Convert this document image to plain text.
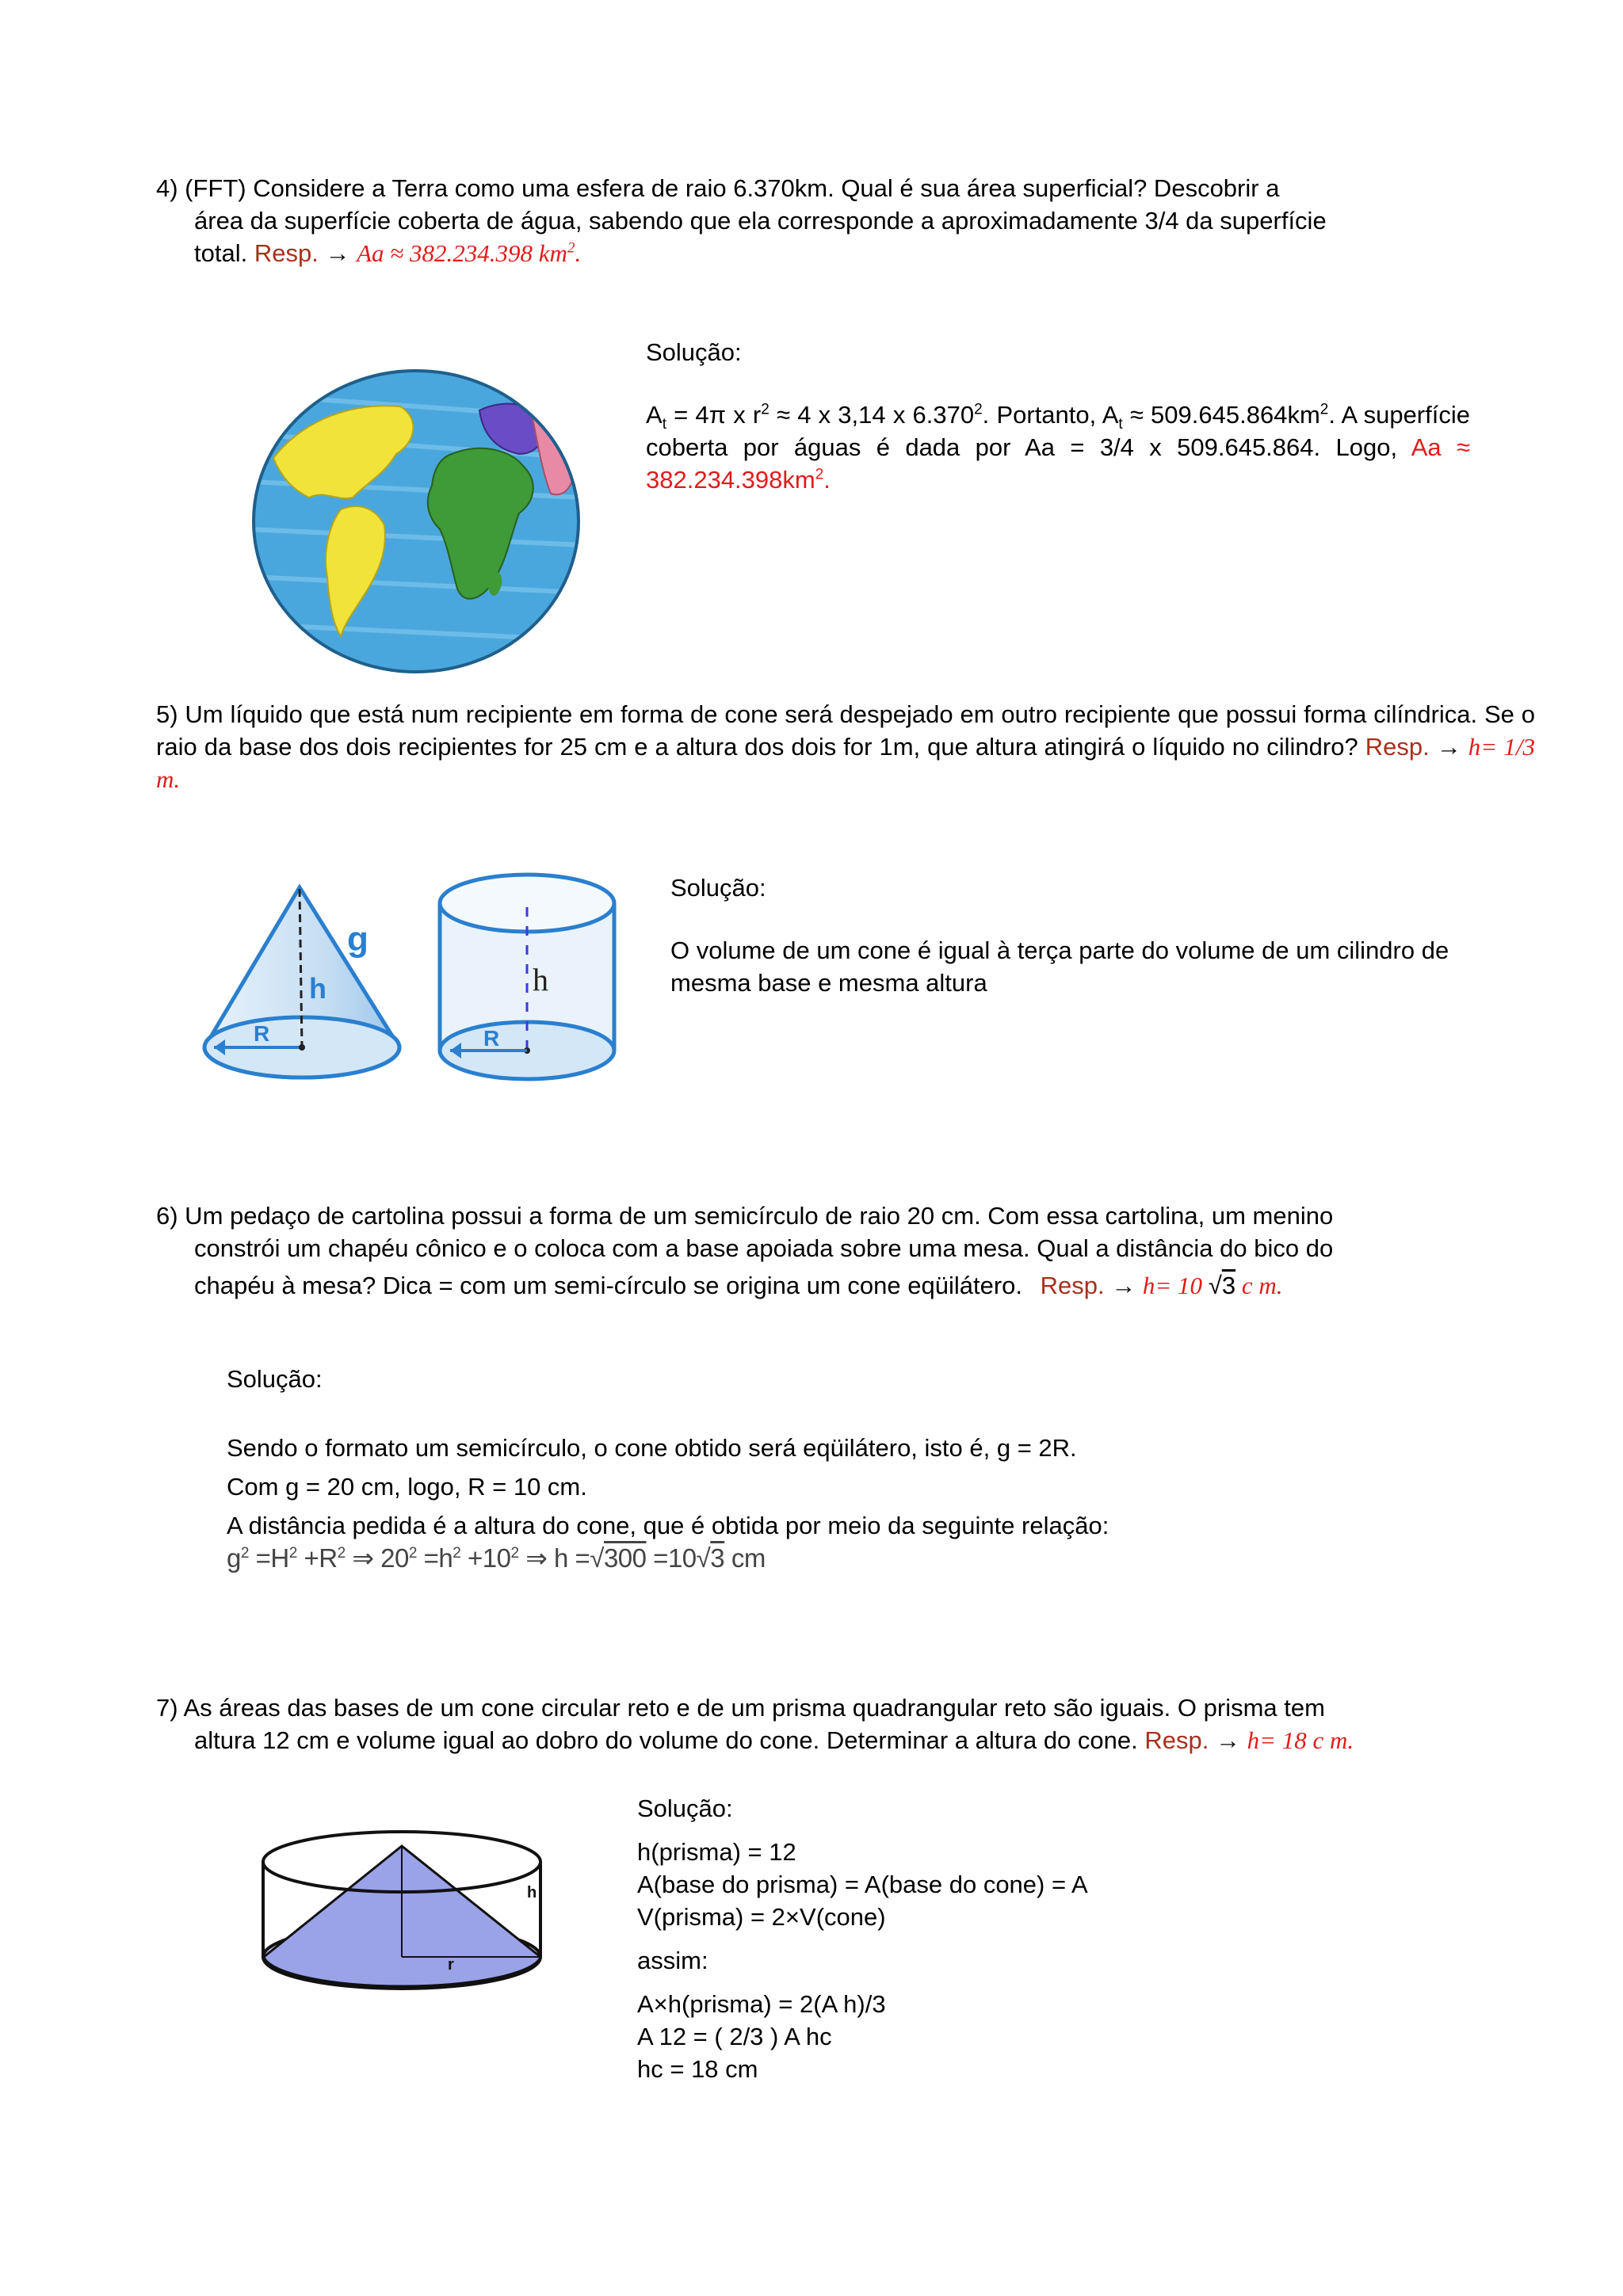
4) (FFT) Considere a Terra como uma esfera de raio 6.370km. Qual é sua área superficial? Descobrir a

área da superfície coberta de água, sabendo que ela corresponde a aproximadamente 3/4 da superfície

total. Resp. → Aa ≈ 382.234.398 $km^2$.

Solução:

$A_t = 4\pi$ x $r^2 \approx 4$ x 3,14 x 6.370$^2$. Portanto, $A_t \approx 509.645.864km^2$. A superfície coberta por águas é dada por Aa = 3/4 x 509.645.864. Logo, $Aa \approx 382.234.398km^2$.

5) Um líquido que está num recipiente em forma de cone será despejado em outro recipiente que possui forma cilíndrica. Se o raio da base dos dois recipientes for 25 cm e a altura dos dois for 1m, que altura atingirá o líquido no cilindro? Resp. → h= 1/3 m.
g
h
R
h
R

Solução:

O volume de um cone é igual à terça parte do volume de um cilindro de mesma base e mesma altura

6) Um pedaço de cartolina possui a forma de um semicírculo de raio 20 cm. Com essa cartolina, um menino

constrói um chapéu cônico e o coloca com a base apoiada sobre uma mesa. Qual a distância do bico do

chapéu à mesa? Dica = com um semi-círculo se origina um cone eqüilátero. Resp. → h= 10 √3 c m.

Solução:

Sendo o formato um semicírculo, o cone obtido será eqüilátero, isto é, g = 2R.

Com g = 20 cm, logo, R = 10 cm.

A distância pedida é a altura do cone, que é obtida por meio da seguinte relação:

$g^2 =H^2 +R^2$ ⇒ $20^2 =h^2 +10^2$ ⇒ h =√300 =10√3 cm

7) As áreas das bases de um cone circular reto e de um prisma quadrangular reto são iguais. O prisma tem

altura 12 cm e volume igual ao dobro do volume do cone. Determinar a altura do cone. Resp. → h= 18 c m.

h
r

Solução:

h(prisma) = 12

A(base do prisma) = A(base do cone) = A

V(prisma) = 2×V(cone)

assim:

A×h(prisma) = 2(A h)/3

A 12 = ( 2/3 ) A hc

hc = 18 cm
